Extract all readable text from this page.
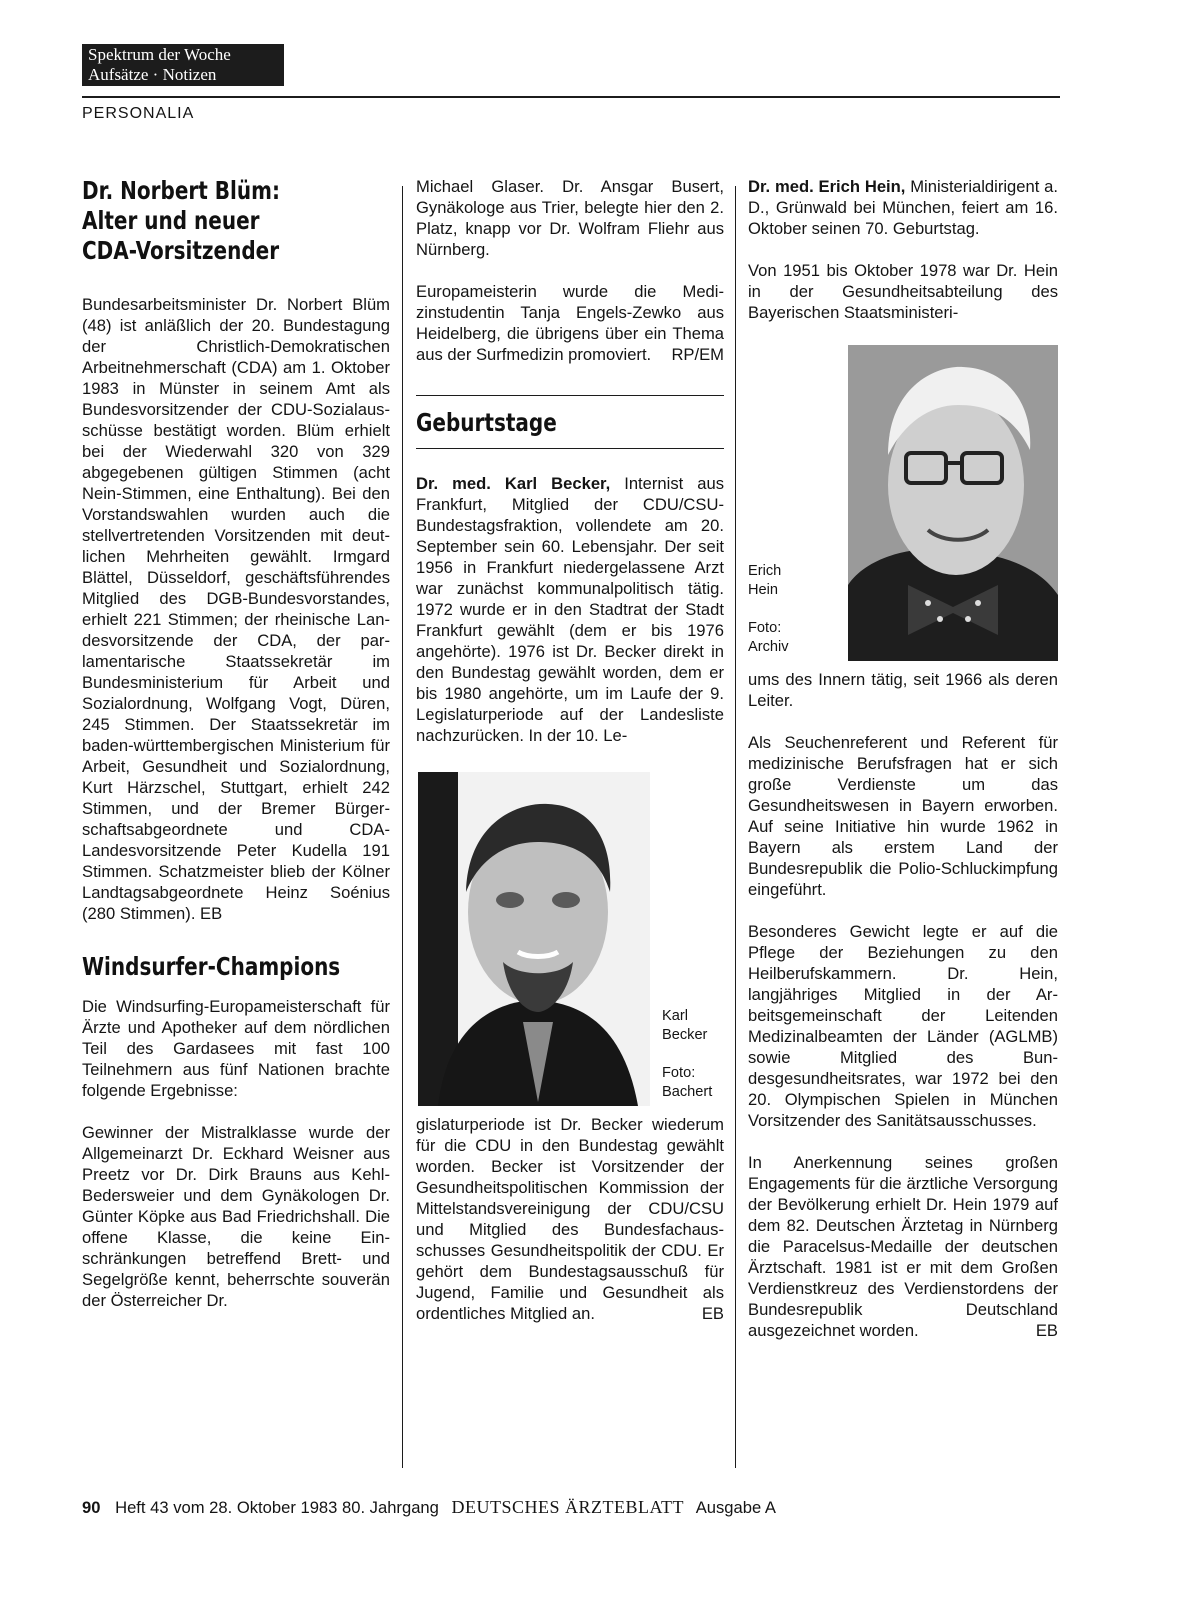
Spektrum der Woche
Aufsätze · Notizen
PERSONALIA
Dr. Norbert Blüm:
Alter und neuer
CDA-Vorsitzender

Bundesarbeitsminister Dr. Norbert Blüm (48) ist anläßlich der 20. Bundestagung der Christlich-Demokratischen Arbeitnehmerschaft (CDA) am 1. Oktober 1983 in Münster in seinem Amt als Bundesvorsitzender der CDU-Sozialausschüsse bestätigt worden. Blüm erhielt bei der Wiederwahl 320 von 329 abgegebenen gültigen Stimmen (acht Nein-Stimmen, eine Enthaltung). Bei den Vorstandswahlen wurden auch die stellvertretenden Vorsitzenden mit deutlichen Mehrheiten gewählt. Irmgard Blättel, Düsseldorf, geschäftsführendes Mitglied des DGB-Bundesvorstandes, erhielt 221 Stimmen; der rheinische Landesvorsitzende der CDA, der parlamentarische Staatssekretär im Bundesministerium für Arbeit und Sozialordnung, Wolfgang Vogt, Düren, 245 Stimmen. Der Staatssekretär im baden-württembergischen Ministerium für Arbeit, Gesundheit und Sozialordnung, Kurt Härzschel, Stuttgart, erhielt 242 Stimmen, und der Bremer Bürgerschaftsabgeordnete und CDA-Landesvorsitzende Peter Kudella 191 Stimmen. Schatzmeister blieb der Kölner Landtagsabgeordnete Heinz Soénius (280 Stimmen). EB

Windsurfer-Champions

Die Windsurfing-Europameisterschaft für Ärzte und Apotheker auf dem nördlichen Teil des Gardasees mit fast 100 Teilnehmern aus fünf Nationen brachte folgende Ergebnisse:

Gewinner der Mistralklasse wurde der Allgemeinarzt Dr. Eckhard Weisner aus Preetz vor Dr. Dirk Brauns aus Kehl-Bedersweier und dem Gynäkologen Dr. Günter Köpke aus Bad Friedrichshall. Die offene Klasse, die keine Einschränkungen betreffend Brett- und Segelgröße kennt, beherrschte souverän der Österreicher Dr.

Michael Glaser. Dr. Ansgar Busert, Gynäkologe aus Trier, belegte hier den 2. Platz, knapp vor Dr. Wolfram Fliehr aus Nürnberg.

Europameisterin wurde die Medizinstudentin Tanja Engels-Zewko aus Heidelberg, die übrigens über ein Thema aus der Surfmedizin promoviert. RP/EM

Geburtstage

Dr. med. Karl Becker, Internist aus Frankfurt, Mitglied der CDU/CSU-Bundestagsfraktion, vollendete am 20. September sein 60. Lebensjahr. Der seit 1956 in Frankfurt niedergelassene Arzt war zunächst kommunalpolitisch tätig. 1972 wurde er in den Stadtrat der Stadt Frankfurt gewählt (dem er bis 1976 angehörte). 1976 ist Dr. Becker direkt in den Bundestag gewählt worden, dem er bis 1980 angehörte, um im Laufe der 9. Legislaturperiode auf der Landesliste nachzurücken. In der 10. Le-

Karl
Becker
Foto:
Bachert

gislaturperiode ist Dr. Becker wiederum für die CDU in den Bundestag gewählt worden. Becker ist Vorsitzender der Gesundheitspolitischen Kommission der Mittelstandsvereinigung der CDU/CSU und Mitglied des Bundesfachausschusses Gesundheitspolitik der CDU. Er gehört dem Bundestagsausschuß für Jugend, Familie und Gesundheit als ordentliches Mitglied an.	EB

Dr. med. Erich Hein, Ministerialdirigent a. D., Grünwald bei München, feiert am 16. Oktober seinen 70. Geburtstag.

Von 1951 bis Oktober 1978 war Dr. Hein in der Gesundheitsabteilung des Bayerischen Staatsministeri-

Erich
Hein
Foto:
Archiv

ums des Innern tätig, seit 1966 als deren Leiter.

Als Seuchenreferent und Referent für medizinische Berufsfragen hat er sich große Verdienste um das Gesundheitswesen in Bayern erworben. Auf seine Initiative hin wurde 1962 in Bayern als erstem Land der Bundesrepublik die Polio-Schluckimpfung eingeführt.

Besonderes Gewicht legte er auf die Pflege der Beziehungen zu den Heilberufskammern. Dr. Hein, langjähriges Mitglied in der Arbeitsgemeinschaft der Leitenden Medizinalbeamten der Länder (AGLMB) sowie Mitglied des Bundesgesundheitsrates, war 1972 bei den 20. Olympischen Spielen in München Vorsitzender des Sanitätsausschusses.

In Anerkennung seines großen Engagements für die ärztliche Versorgung der Bevölkerung erhielt Dr. Hein 1979 auf dem 82. Deutschen Ärztetag in Nürnberg die Paracelsus-Medaille der deutschen Ärztschaft. 1981 ist er mit dem Großen Verdienstkreuz des Verdienstordens der Bundesrepublik Deutschland ausgezeichnet worden.	EB

90 Heft 43 vom 28. Oktober 1983 80. Jahrgang DEUTSCHES ÄRZTEBLATT Ausgabe A
